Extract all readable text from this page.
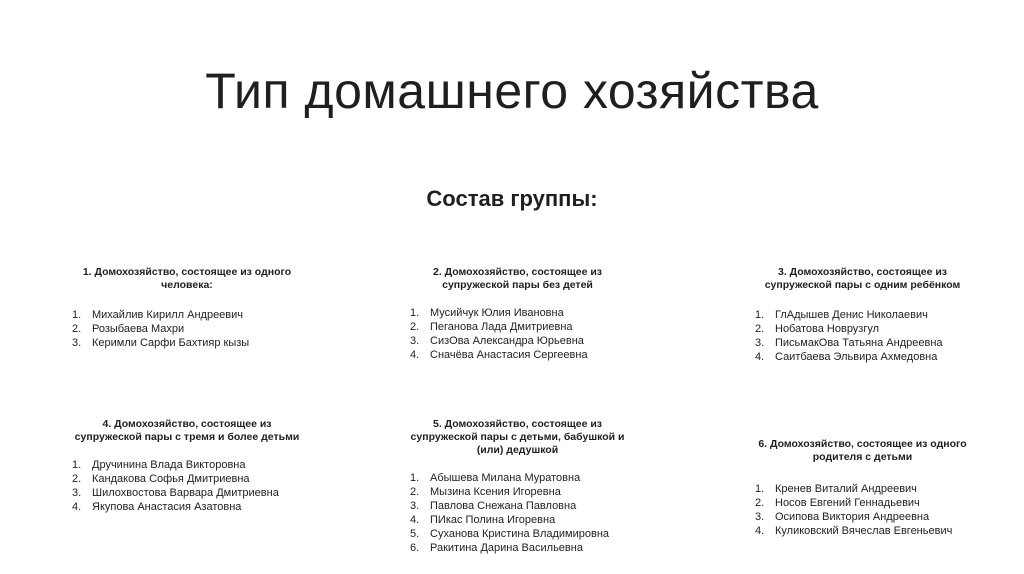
Тип домашнего хозяйства
Состав группы:
1. Домохозяйство, состоящее из одного человека:
1. Михайлив Кирилл Андреевич
2. Розыбаева Махри
3. Керимли Сарфи Бахтияр кызы
2. Домохозяйство, состоящее из супружеской пары без детей
1. Мусийчук Юлия Ивановна
2. Пеганова Лада Дмитриевна
3. СизОва Александра Юрьевна
4. Сначёва Анастасия Сергеевна
3. Домохозяйство, состоящее из супружеской пары с одним ребёнком
1. ГлАдышев Денис Николаевич
2. Нобатова Новрузгул
3. ПисьмакОва Татьяна Андреевна
4. Саитбаева Эльвира Ахмедовна
4. Домохозяйство, состоящее из супружеской пары с тремя и более детьми
1. Дручинина Влада Викторовна
2. Кандакова Софья Дмитриевна
3. Шилохвостова Варвара Дмитриевна
4. Якупова Анастасия Азатовна
5. Домохозяйство, состоящее из супружеской пары с детьми, бабушкой и (или) дедушкой
1. Абышева Милана Муратовна
2. Мызина Ксения Игоревна
3. Павлова Снежана Павловна
4. ПИкас Полина Игоревна
5. Суханова Кристина Владимировна
6. Ракитина Дарина Васильевна
6. Домохозяйство, состоящее из одного родителя с детьми
1. Кренев Виталий Андреевич
2. Носов Евгений Геннадьевич
3. Осипова Виктория Андреевна
4. Куликовский Вячеслав Евгеньевич
